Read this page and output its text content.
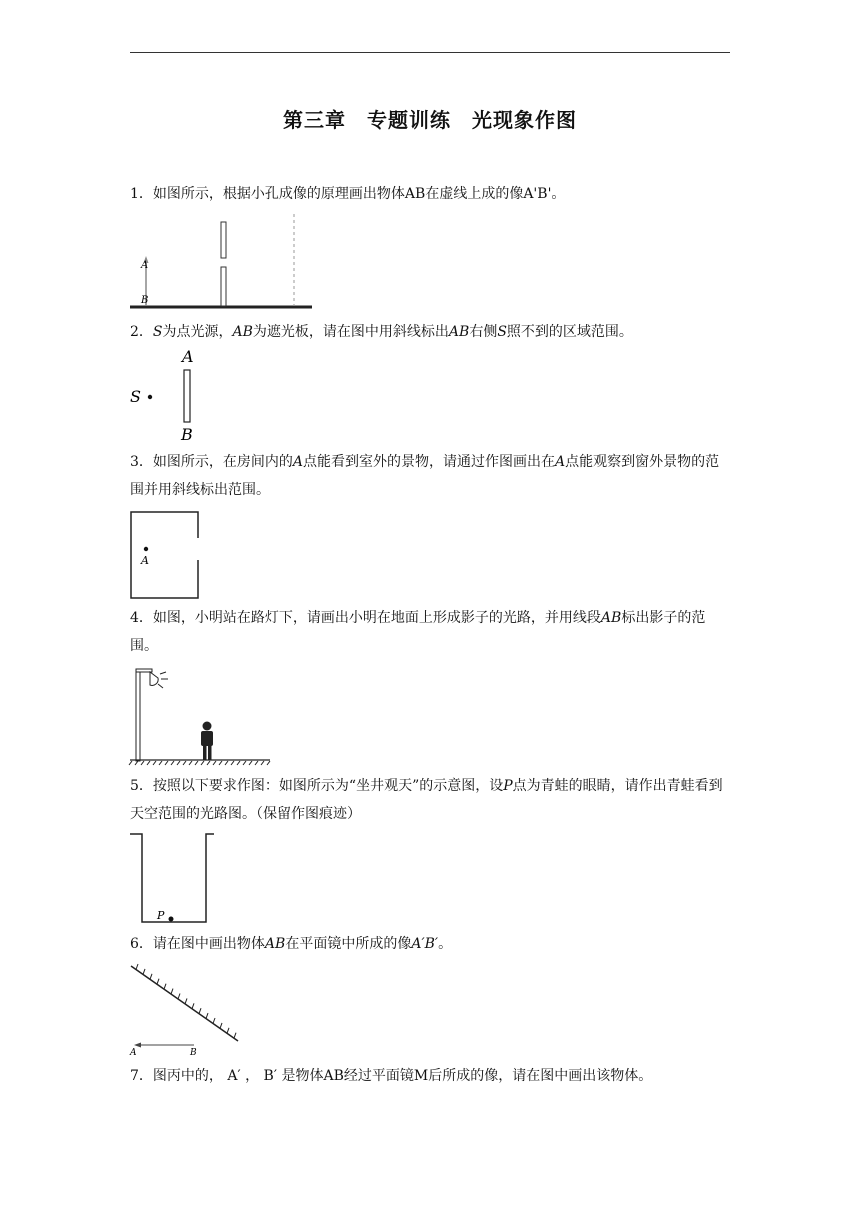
第三章　专题训练　光现象作图
1．如图所示，根据小孔成像的原理画出物体AB在虚线上成的像A'B'。
A
B
2．S为点光源，AB为遮光板，请在图中用斜线标出AB右侧S照不到的区域范围。
A
S
B
3．如图所示，在房间内的A点能看到室外的景物，请通过作图画出在A点能观察到窗外景物的范围并用斜线标出范围。
A
4．如图，小明站在路灯下，请画出小明在地面上形成影子的光路，并用线段AB标出影子的范围。
5．按照以下要求作图：如图所示为“坐井观天”的示意图，设P点为青蛙的眼睛，请作出青蛙看到天空范围的光路图。（保留作图痕迹）
P
6．请在图中画出物体AB在平面镜中所成的像A′B′。
A	B
7．图丙中的， A′ ， B′ 是物体AB经过平面镜M后所成的像，请在图中画出该物体。
